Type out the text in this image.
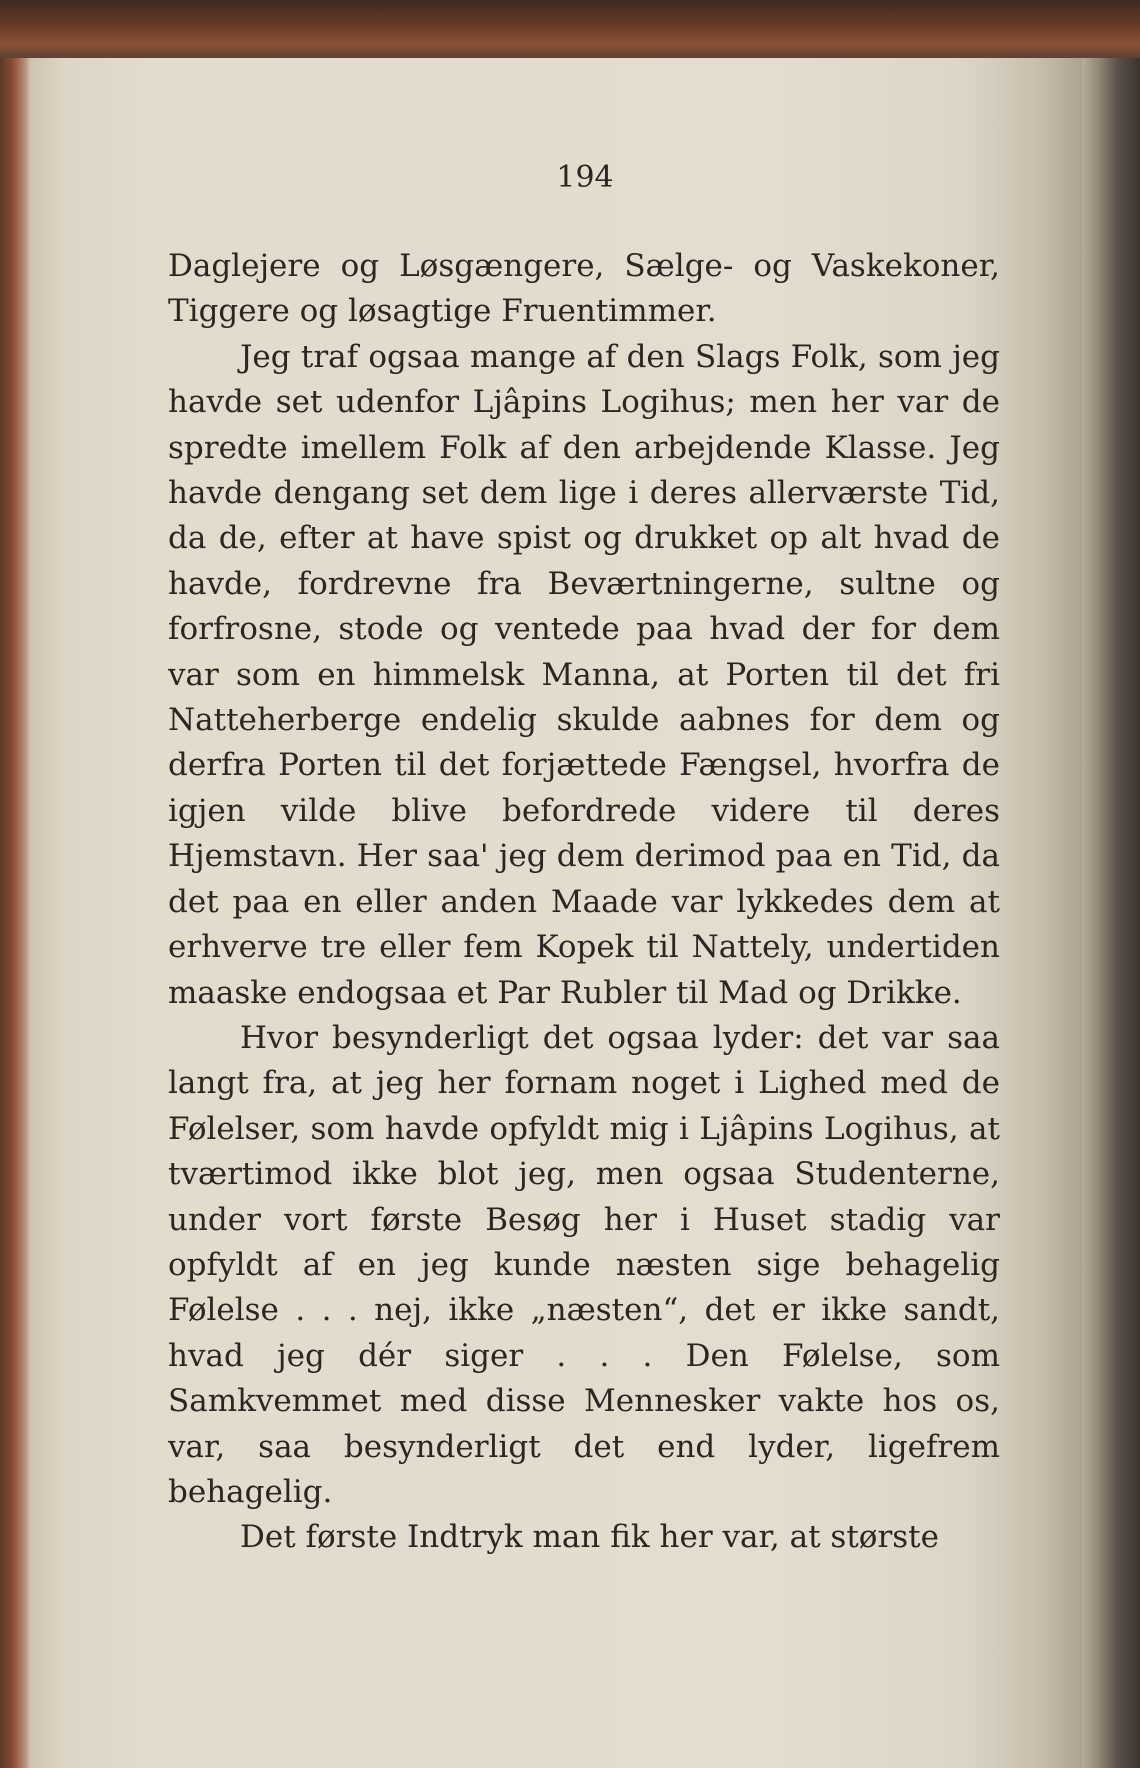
194

Daglejere og Løsgængere, Sælge- og Vaskekoner, Tiggere og løsagtige Fruentimmer.

Jeg traf ogsaa mange af den Slags Folk, som jeg havde set udenfor Ljâpins Logihus; men her var de spredte imellem Folk af den arbejdende Klasse. Jeg havde dengang set dem lige i deres allerværste Tid, da de, efter at have spist og drukket op alt hvad de havde, fordrevne fra Beværtningerne, sultne og forfrosne, stode og ventede paa hvad der for dem var som en himmelsk Manna, at Porten til det fri Natteherberge endelig skulde aabnes for dem og derfra Porten til det forjættede Fængsel, hvorfra de igjen vilde blive befordrede videre til deres Hjemstavn. Her saa' jeg dem derimod paa en Tid, da det paa en eller anden Maade var lykkedes dem at erhverve tre eller fem Kopek til Nattely, undertiden maaske endogsaa et Par Rubler til Mad og Drikke.

Hvor besynderligt det ogsaa lyder: det var saa langt fra, at jeg her fornam noget i Lighed med de Følelser, som havde opfyldt mig i Ljâpins Logihus, at tværtimod ikke blot jeg, men ogsaa Studenterne, under vort første Besøg her i Huset stadig var opfyldt af en jeg kunde næsten sige behagelig Følelse . . . nej, ikke „næsten“, det er ikke sandt, hvad jeg dér siger . . . Den Følelse, som Samkvemmet med disse Mennesker vakte hos os, var, saa besynderligt det end lyder, ligefrem behagelig.

Det første Indtryk man fik her var, at største
